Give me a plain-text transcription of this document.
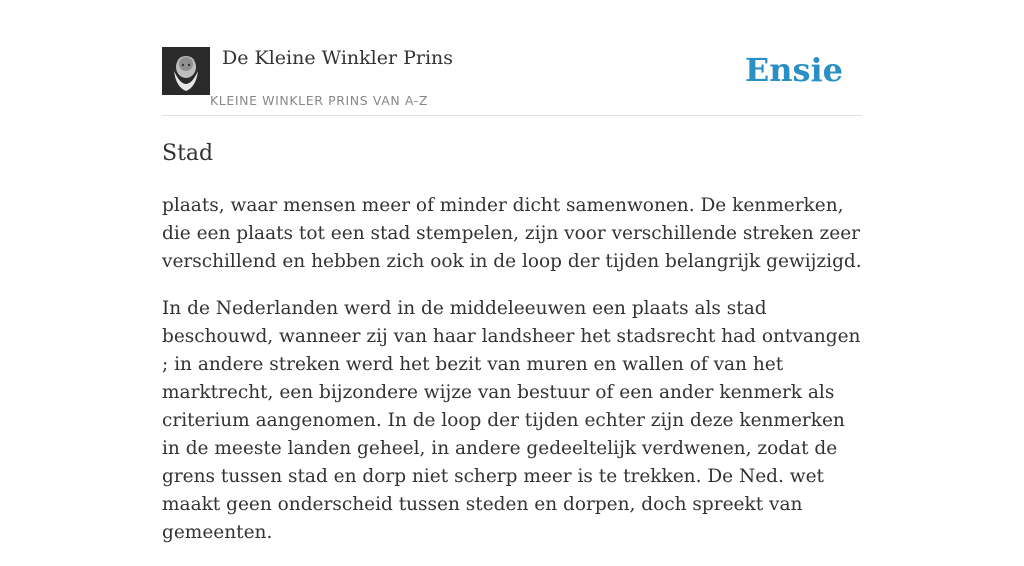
De Kleine Winkler Prins
KLEINE WINKLER PRINS VAN A-Z
Ensie
Stad

plaats, waar mensen meer of minder dicht samenwonen. De kenmerken, die een plaats tot een stad stempelen, zijn voor verschillende streken zeer verschillend en hebben zich ook in de loop der tijden belangrijk gewijzigd.

In de Nederlanden werd in de middeleeuwen een plaats als stad beschouwd, wanneer zij van haar landsheer het stadsrecht had ontvangen ; in andere streken werd het bezit van muren en wallen of van het marktrecht, een bijzondere wijze van bestuur of een ander kenmerk als criterium aangenomen. In de loop der tijden echter zijn deze kenmerken in de meeste landen geheel, in andere gedeeltelijk verdwenen, zodat de grens tussen stad en dorp niet scherp meer is te trekken. De Ned. wet maakt geen onderscheid tussen steden en dorpen, doch spreekt van gemeenten.
